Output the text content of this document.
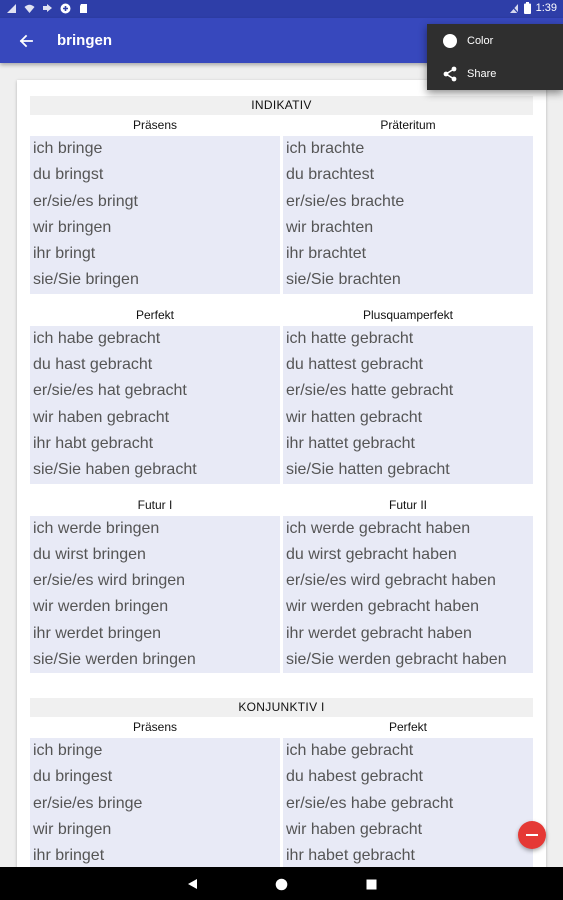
1:39
bringen
INDIKATIV
Präsens
ich bringe
du bringst
er/sie/es bringt
wir bringen
ihr bringt
sie/Sie bringen
Präteritum
ich brachte
du brachtest
er/sie/es brachte
wir brachten
ihr brachtet
sie/Sie brachten
Perfekt
ich habe gebracht
du hast gebracht
er/sie/es hat gebracht
wir haben gebracht
ihr habt gebracht
sie/Sie haben gebracht
Plusquamperfekt
ich hatte gebracht
du hattest gebracht
er/sie/es hatte gebracht
wir hatten gebracht
ihr hattet gebracht
sie/Sie hatten gebracht
Futur I
ich werde bringen
du wirst bringen
er/sie/es wird bringen
wir werden bringen
ihr werdet bringen
sie/Sie werden bringen
Futur II
ich werde gebracht haben
du wirst gebracht haben
er/sie/es wird gebracht haben
wir werden gebracht haben
ihr werdet gebracht haben
sie/Sie werden gebracht haben
KONJUNKTIV I
Präsens
ich bringe
du bringest
er/sie/es bringe
wir bringen
ihr bringet
Perfekt
ich habe gebracht
du habest gebracht
er/sie/es habe gebracht
wir haben gebracht
ihr habet gebracht
Color
Share
